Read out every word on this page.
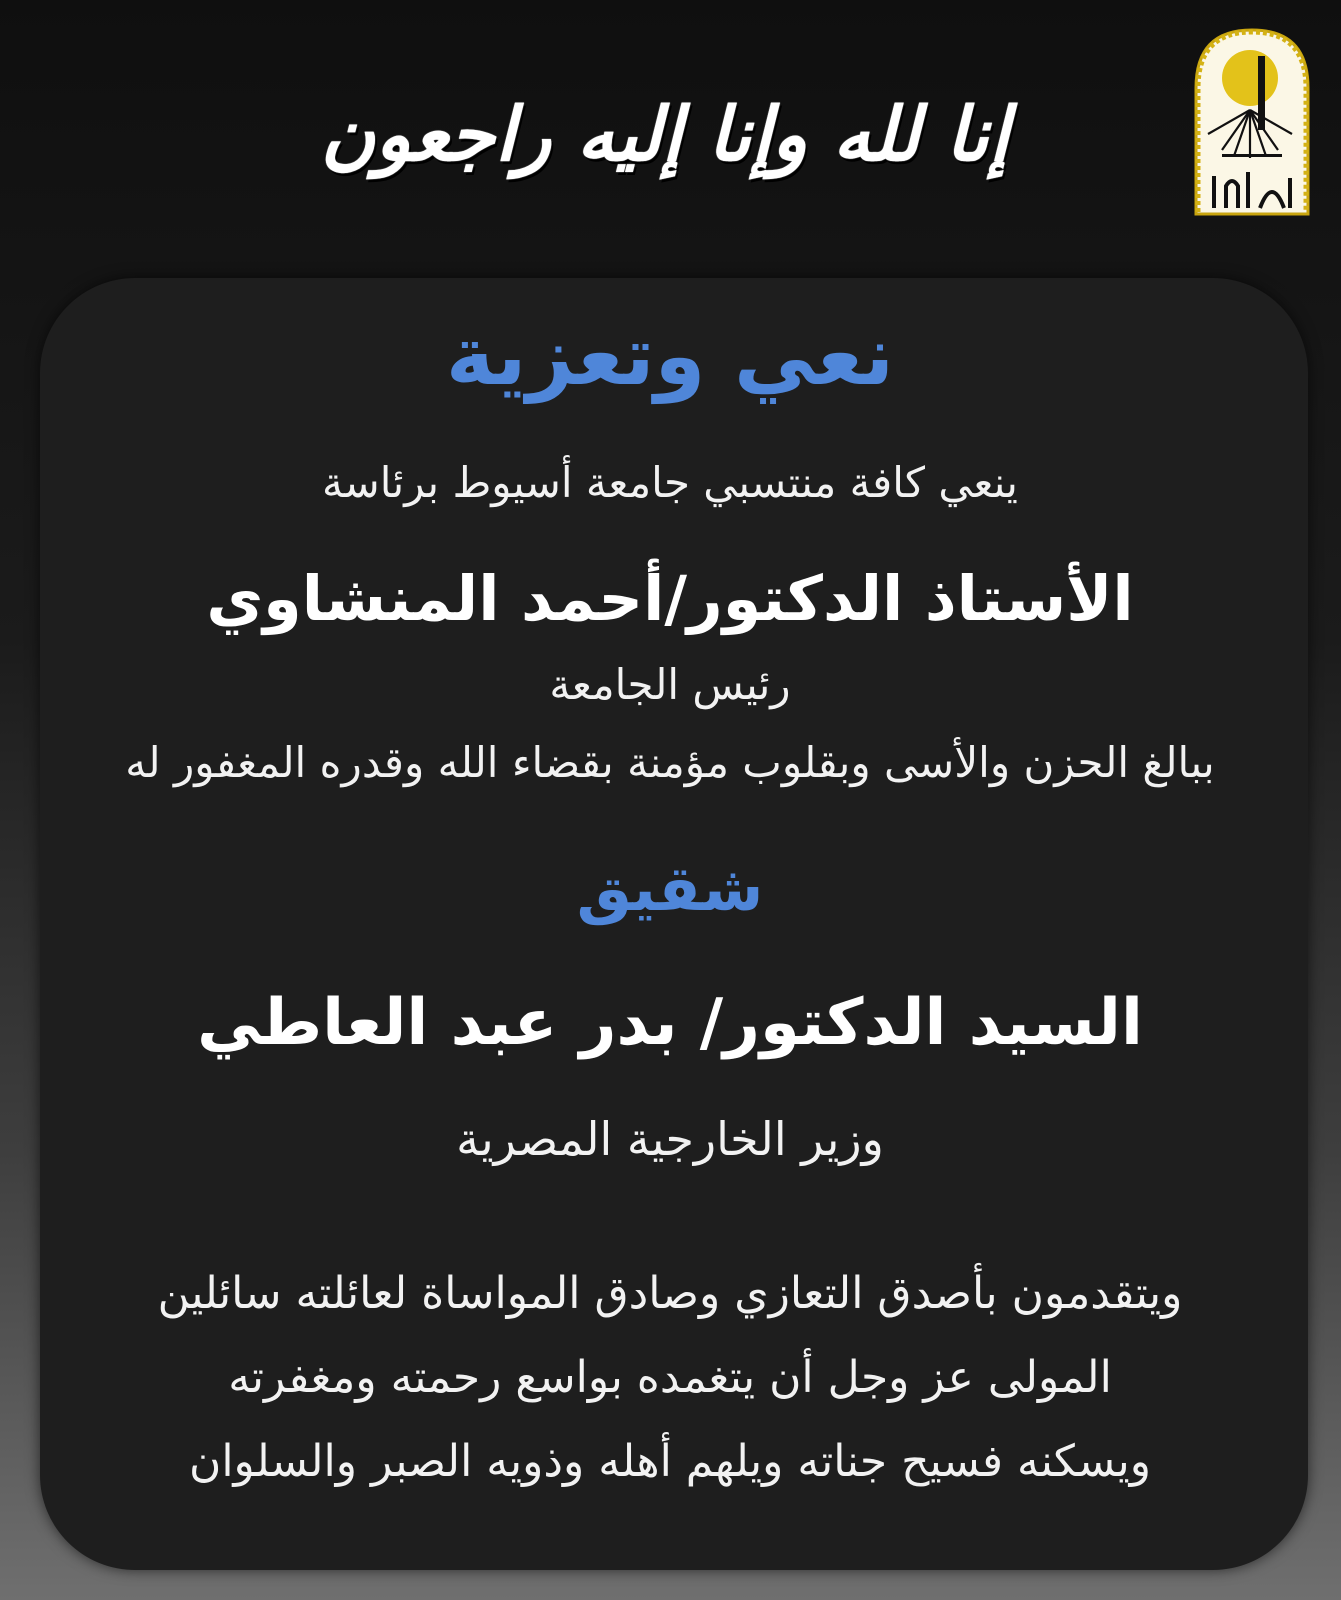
إنا لله وإنا إليه راجعون
نعي وتعزية
ينعي كافة منتسبي جامعة أسيوط برئاسة
الأستاذ الدكتور/أحمد المنشاوي
رئيس الجامعة
ببالغ الحزن والأسى وبقلوب مؤمنة بقضاء الله وقدره المغفور له
شقيق
السيد الدكتور/ بدر عبد العاطي
وزير الخارجية المصرية
ويتقدمون بأصدق التعازي وصادق المواساة لعائلته سائلين
المولى عز وجل أن يتغمده بواسع رحمته ومغفرته
ويسكنه فسيح جناته ويلهم أهله وذويه الصبر والسلوان
